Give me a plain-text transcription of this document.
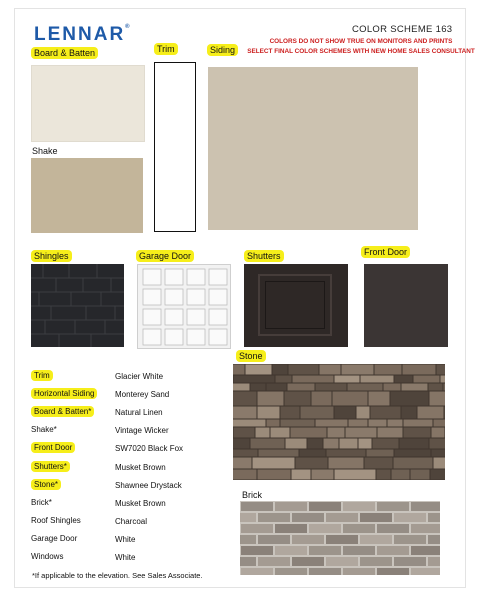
LENNAR®	COLOR SCHEME 163
COLORS DO NOT SHOW TRUE ON MONITORS AND PRINTS
SELECT FINAL COLOR SCHEMES WITH NEW HOME SALES CONSULTANT
Board & Batten
Shake
Trim	Siding
Shingles	Garage Door	Shutters	Front Door
Stone
Brick
Trim	Glacier White
Horizontal Siding	Monterey Sand
Board & Batten*	Natural Linen
Shake*	Vintage Wicker
Front Door	SW7020 Black Fox
Shutters*	Musket Brown
Stone*	Shawnee Drystack
Brick*	Musket Brown
Roof Shingles	Charcoal
Garage Door	White
Windows	White
*If applicable to the elevation. See Sales Associate.
